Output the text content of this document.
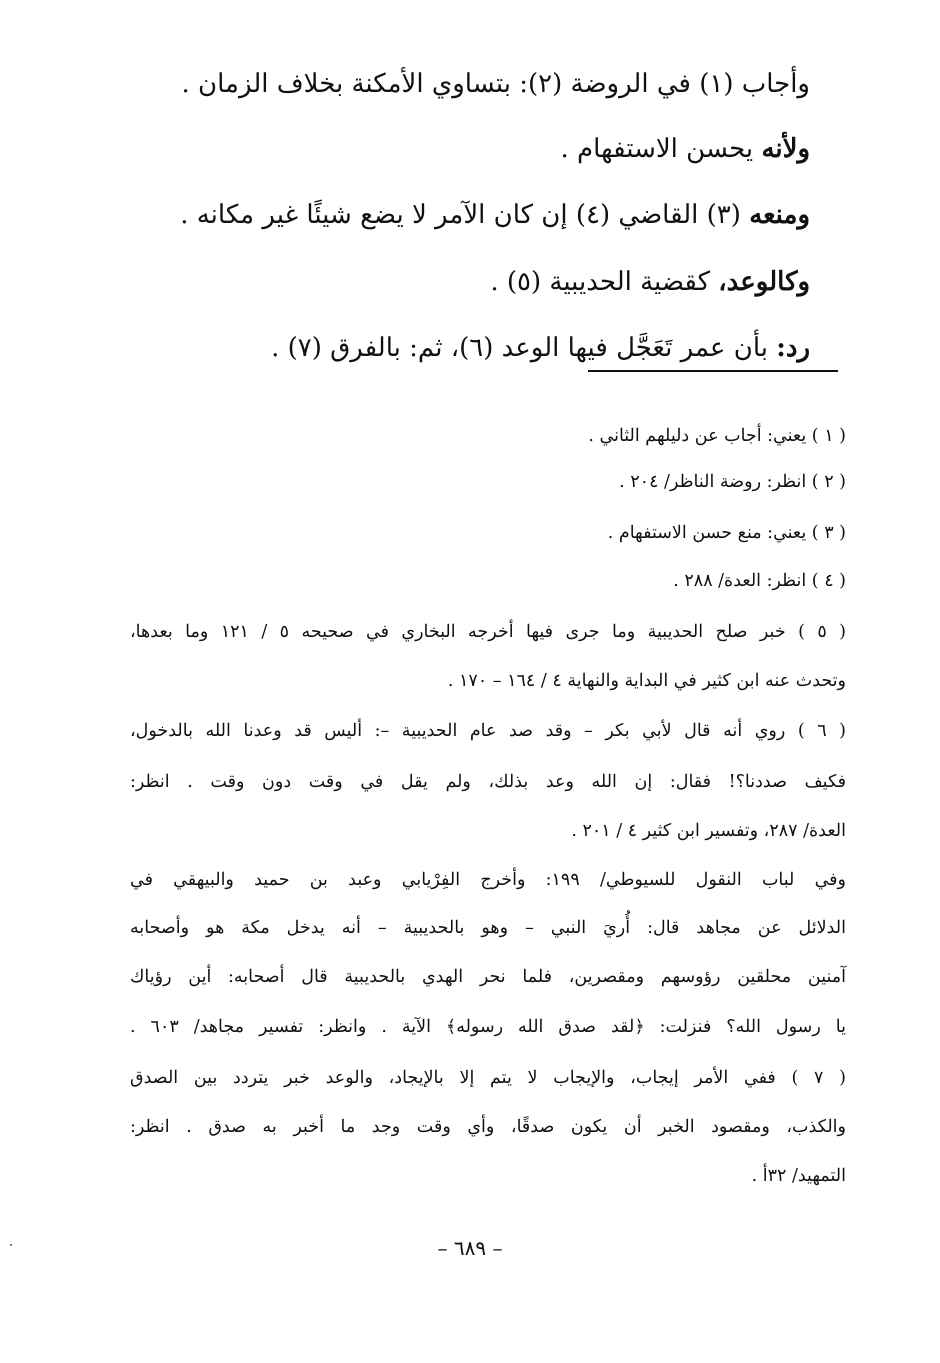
وأجاب (١) في الروضة (٢): بتساوي الأمكنة بخلاف الزمان .
ولأنه يحسن الاستفهام .
ومنعه (٣) القاضي (٤) إن كان الآمر لا يضع شيئًا غير مكانه .
وكالوعد، كقضية الحديبية (٥) .
رد: بأن عمر تَعَجَّل فيها الوعد (٦)، ثم: بالفرق (٧) .
( ١ ) يعني: أجاب عن دليلهم الثاني .
( ٢ ) انظر: روضة الناظر/ ٢٠٤ .
( ٣ ) يعني: منع حسن الاستفهام .
( ٤ ) انظر: العدة/ ٢٨٨ .
( ٥ ) خبر صلح الحديبية وما جرى فيها أخرجه البخاري في صحيحه ٥ / ١٢١ وما بعدها،
وتحدث عنه ابن كثير في البداية والنهاية ٤ / ١٦٤ – ١٧٠ .
( ٦ ) روي أنه قال لأبي بكر – وقد صد عام الحديبية –: أليس قد وعدنا الله بالدخول،
فكيف صددنا؟! فقال: إن الله وعد بذلك، ولم يقل في وقت دون وقت . انظر:
العدة/ ٢٨٧، وتفسير ابن كثير ٤ / ٢٠١ .
وفي لباب النقول للسيوطي/ ١٩٩: وأخرج الفِرْيابي وعبد بن حميد والبيهقي في
الدلائل عن مجاهد قال: أُريَ النبي – وهو بالحديبية – أنه يدخل مكة هو وأصحابه
آمنين محلقين رؤوسهم ومقصرين، فلما نحر الهدي بالحديبية قال أصحابه: أين رؤياك
يا رسول الله؟ فنزلت: ﴿لقد صدق الله رسوله﴾ الآية . وانظر: تفسير مجاهد/ ٦٠٣ .
( ٧ ) ففي الأمر إيجاب، والإيجاب لا يتم إلا بالإيجاد، والوعد خبر يتردد بين الصدق
والكذب، ومقصود الخبر أن يكون صدقًا، وأي وقت وجد ما أخبر به صدق . انظر:
التمهيد/ ٣٢أ .
– ٦٨٩ –
